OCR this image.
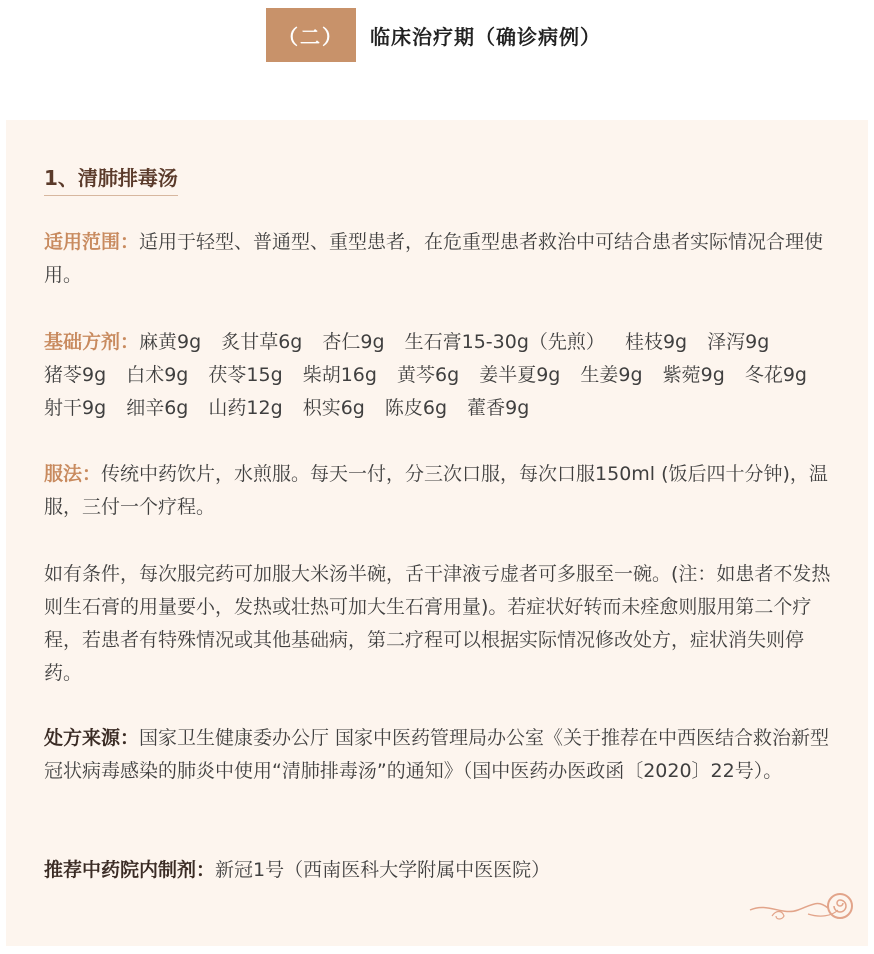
（二）	临床治疗期（确诊病例）
1、清肺排毒汤
适用范围：适用于轻型、普通型、重型患者，在危重型患者救治中可结合患者实际情况合理使用。
基础方剂：麻黄9g 炙甘草6g 杏仁9g 生石膏15-30g（先煎） 桂枝9g 泽泻9g 猪苓9g 白术9g 茯苓15g 柴胡16g 黄芩6g 姜半夏9g 生姜9g 紫菀9g 冬花9g 射干9g 细辛6g 山药12g 枳实6g 陈皮6g 藿香9g
服法：传统中药饮片，水煎服。每天一付，分三次口服，每次口服150ml (饭后四十分钟)，温服，三付一个疗程。
如有条件，每次服完药可加服大米汤半碗，舌干津液亏虚者可多服至一碗。(注：如患者不发热则生石膏的用量要小，发热或壮热可加大生石膏用量)。若症状好转而未痊愈则服用第二个疗程，若患者有特殊情况或其他基础病，第二疗程可以根据实际情况修改处方，症状消失则停药。
处方来源：国家卫生健康委办公厅 国家中医药管理局办公室《关于推荐在中西医结合救治新型冠状病毒感染的肺炎中使用“清肺排毒汤”的通知》（国中医药办医政函〔2020〕22号）。
推荐中药院内制剂：新冠1号（西南医科大学附属中医医院）
